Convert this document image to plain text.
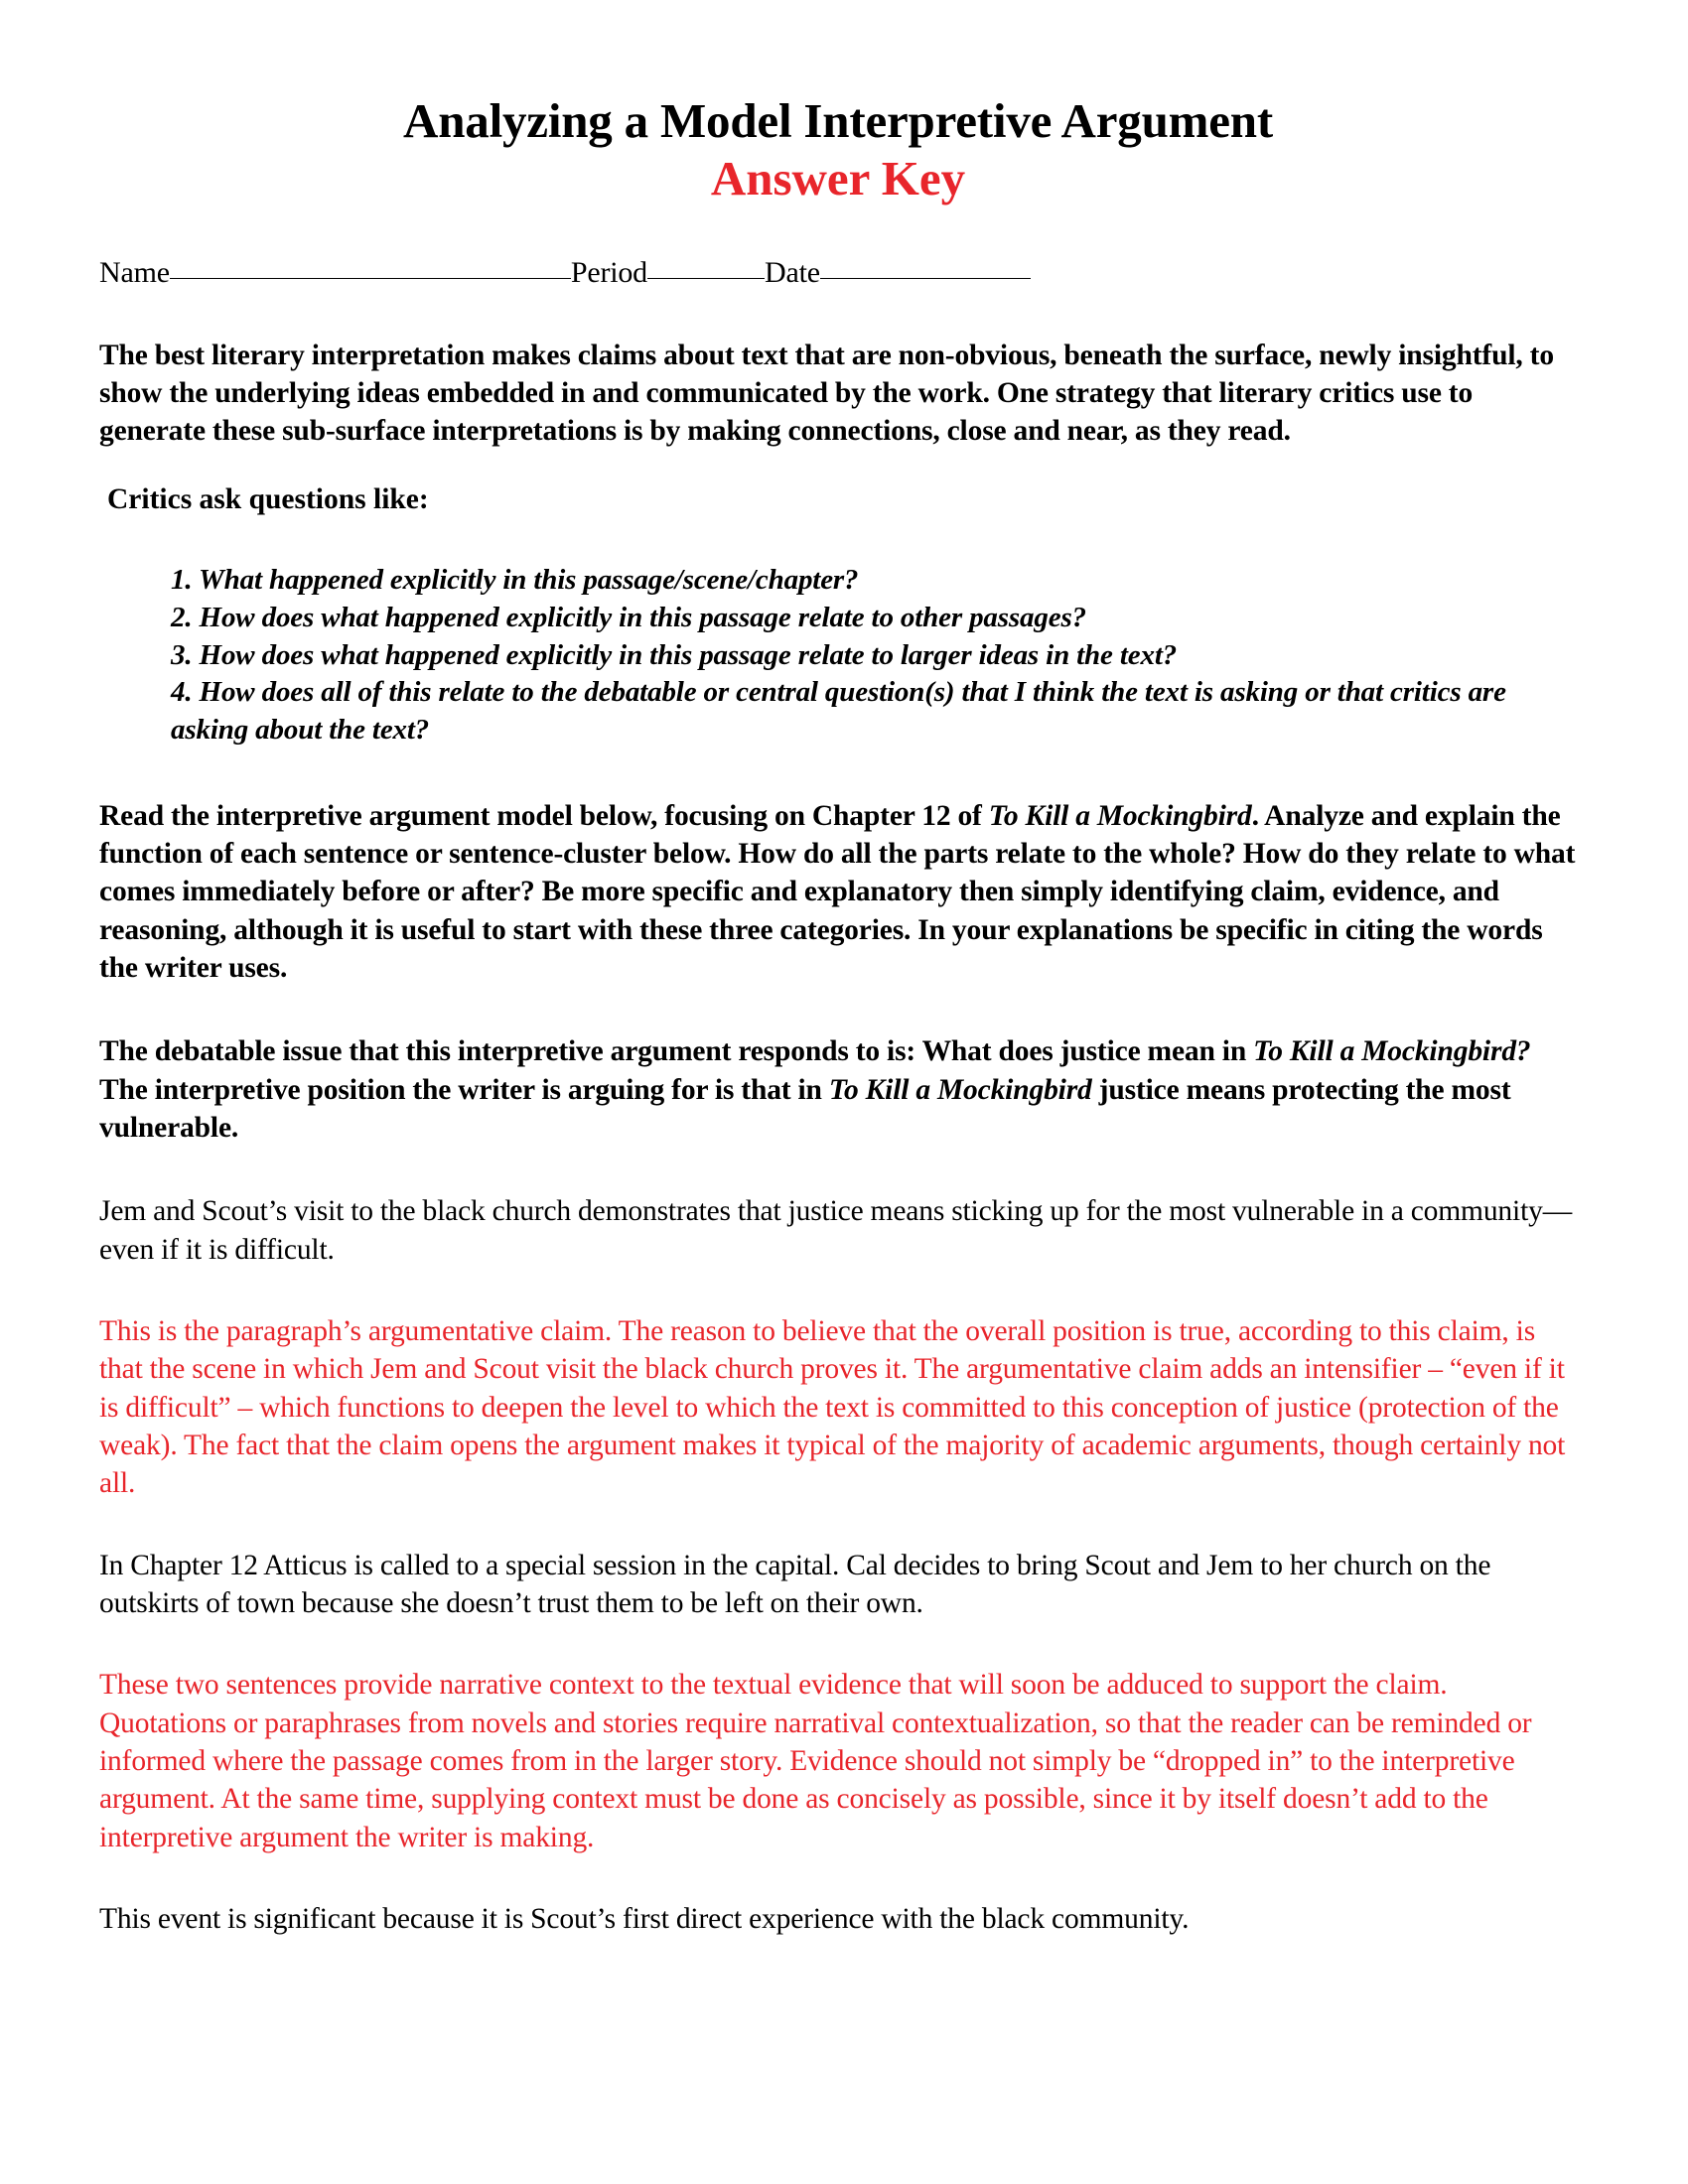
Analyzing a Model Interpretive Argument
Answer Key
Name	Period	Date

The best literary interpretation makes claims about text that are non-obvious, beneath the surface, newly insightful, to show the underlying ideas embedded in and communicated by the work. One strategy that literary critics use to generate these sub-surface interpretations is by making connections, close and near, as they read.

Critics ask questions like:
1. What happened explicitly in this passage/scene/chapter?
2. How does what happened explicitly in this passage relate to other passages?
3. How does what happened explicitly in this passage relate to larger ideas in the text?
4. How does all of this relate to the debatable or central question(s) that I think the text is asking or that critics are asking about the text?

Read the interpretive argument model below, focusing on Chapter 12 of To Kill a Mockingbird. Analyze and explain the function of each sentence or sentence-cluster below. How do all the parts relate to the whole? How do they relate to what comes immediately before or after? Be more specific and explanatory then simply identifying claim, evidence, and reasoning, although it is useful to start with these three categories. In your explanations be specific in citing the words the writer uses.

The debatable issue that this interpretive argument responds to is: What does justice mean in To Kill a Mockingbird? The interpretive position the writer is arguing for is that in To Kill a Mockingbird justice means protecting the most vulnerable.

Jem and Scout’s visit to the black church demonstrates that justice means sticking up for the most vulnerable in a community—even if it is difficult.

This is the paragraph’s argumentative claim. The reason to believe that the overall position is true, according to this claim, is that the scene in which Jem and Scout visit the black church proves it. The argumentative claim adds an intensifier – “even if it is difficult” – which functions to deepen the level to which the text is committed to this conception of justice (protection of the weak). The fact that the claim opens the argument makes it typical of the majority of academic arguments, though certainly not all.

In Chapter 12 Atticus is called to a special session in the capital. Cal decides to bring Scout and Jem to her church on the outskirts of town because she doesn’t trust them to be left on their own.

These two sentences provide narrative context to the textual evidence that will soon be adduced to support the claim. Quotations or paraphrases from novels and stories require narratival contextualization, so that the reader can be reminded or informed where the passage comes from in the larger story. Evidence should not simply be “dropped in” to the interpretive argument. At the same time, supplying context must be done as concisely as possible, since it by itself doesn’t add to the interpretive argument the writer is making.

This event is significant because it is Scout’s first direct experience with the black community.
